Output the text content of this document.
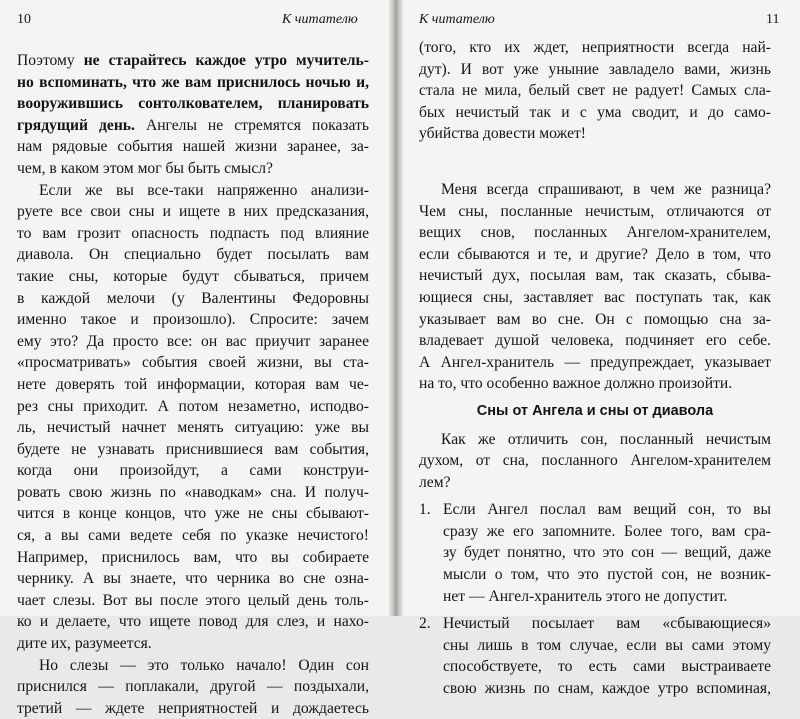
10	К читателю
Поэтому не старайтесь каждое утро мучитель-
но вспоминать, что же вам приснилось ночью и,
вооружившись сонтолкователем, планировать
грядущий день. Ангелы не стремятся показать
нам рядовые события нашей жизни заранее, за-
чем, в каком этом мог бы быть смысл?
Если же вы все-таки напряженно анализи-
руете все свои сны и ищете в них предсказания,
то вам грозит опасность подпасть под влияние
диавола. Он специально будет посылать вам
такие сны, которые будут сбываться, причем
в каждой мелочи (у Валентины Федоровны
именно такое и произошло). Спросите: зачем
ему это? Да просто все: он вас приучит заранее
«просматривать» события своей жизни, вы ста-
нете доверять той информации, которая вам че-
рез сны приходит. А потом незаметно, исподво-
ль, нечистый начнет менять ситуацию: уже вы
будете не узнавать приснившиеся вам события,
когда они произойдут, а сами конструи-
ровать свою жизнь по «наводкам» сна. И получ-
чится в конце концов, что уже не сны сбывают-
ся, а вы сами ведете себя по указке нечистого!
Например, приснилось вам, что вы собираете
чернику. А вы знаете, что черника во сне озна-
чает слезы. Вот вы после этого целый день толь-
ко и делаете, что ищете повод для слез, и нахо-
дите их, разумеется.
Но слезы — это только начало! Один сон
приснился — поплакали, другой — поздыхали,
третий — ждете неприятностей и дождаетесь
К читателю	11
(того, кто их ждет, неприятности всегда най-
дут). И вот уже уныние завладело вами, жизнь
стала не мила, белый свет не радует! Самых сла-
бых нечистый так и с ума сводит, и до само-
убийства довести может!
Меня всегда спрашивают, в чем же разница?
Чем сны, посланные нечистым, отличаются от
вещих снов, посланных Ангелом-хранителем,
если сбываются и те, и другие? Дело в том, что
нечистый дух, посылая вам, так сказать, сбыва-
ющиеся сны, заставляет вас поступать так, как
указывает вам во сне. Он с помощью сна за-
владевает душой человека, подчиняет его себе.
А Ангел-хранитель — предупреждает, указывает
на то, что особенно важное должно произойти.
Сны от Ангела и сны от диавола
Как же отличить сон, посланный нечистым
духом, от сна, посланного Ангелом-хранителем
лем?
1. Если Ангел послал вам вещий сон, то вы
сразу же его запомните. Более того, вам сра-
зу будет понятно, что это сон — вещий, даже
мысли о том, что это пустой сон, не возник-
нет — Ангел-хранитель этого не допустит.
2. Нечистый посылает вам «сбывающиеся»
сны лишь в том случае, если вы сами этому
способствуете, то есть сами выстраиваете
свою жизнь по снам, каждое утро вспоминая,
